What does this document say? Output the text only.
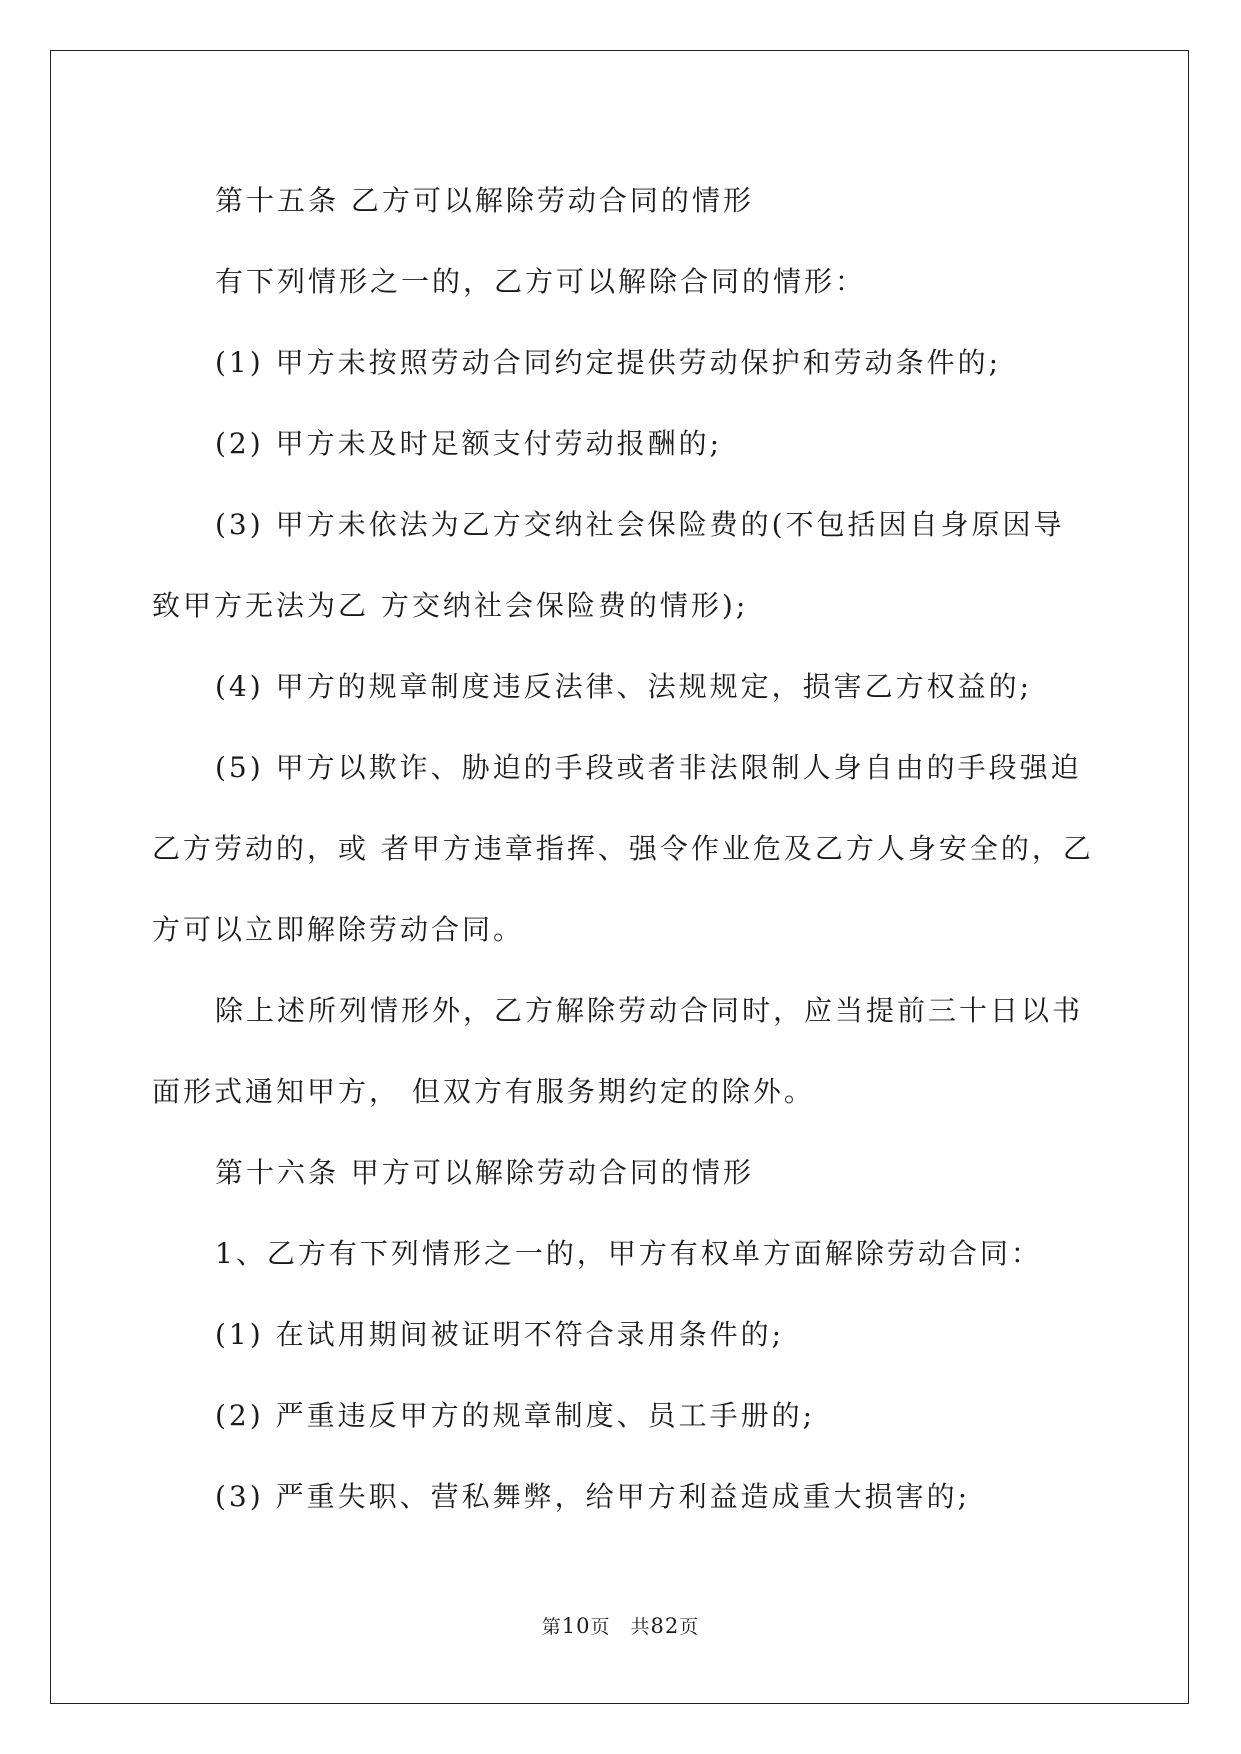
第十五条 乙方可以解除劳动合同的情形
有下列情形之一的，乙方可以解除合同的情形：
(1) 甲方未按照劳动合同约定提供劳动保护和劳动条件的;
(2) 甲方未及时足额支付劳动报酬的;
(3) 甲方未依法为乙方交纳社会保险费的(不包括因自身原因导
致甲方无法为乙 方交纳社会保险费的情形);
(4) 甲方的规章制度违反法律、法规规定，损害乙方权益的;
(5) 甲方以欺诈、胁迫的手段或者非法限制人身自由的手段强迫
乙方劳动的，或 者甲方违章指挥、强令作业危及乙方人身安全的，乙
方可以立即解除劳动合同。
除上述所列情形外，乙方解除劳动合同时，应当提前三十日以书
面形式通知甲方， 但双方有服务期约定的除外。
第十六条 甲方可以解除劳动合同的情形
1、乙方有下列情形之一的，甲方有权单方面解除劳动合同：
(1) 在试用期间被证明不符合录用条件的;
(2) 严重违反甲方的规章制度、员工手册的;
(3) 严重失职、营私舞弊，给甲方利益造成重大损害的;
第10页　共82页
